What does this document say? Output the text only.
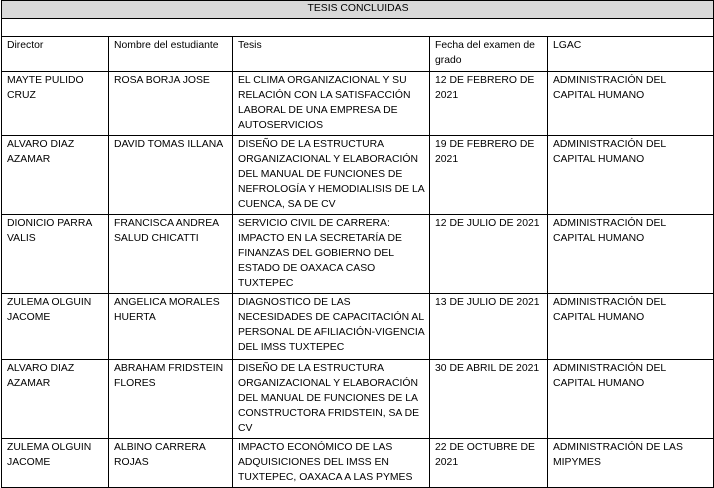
TESIS CONCLUIDAS				

Director	Nombre del estudiante	Tesis	Fecha del examen de grado	LGAC
MAYTE PULIDO CRUZ	ROSA BORJA JOSE	EL CLIMA ORGANIZACIONAL Y SU RELACIÓN CON LA SATISFACCIÓN LABORAL DE UNA EMPRESA DE AUTOSERVICIOS	12 DE FEBRERO DE 2021	ADMINISTRACIÓN DEL CAPITAL HUMANO
ALVARO DIAZ AZAMAR	DAVID TOMAS ILLANA	DISEÑO DE LA ESTRUCTURA ORGANIZACIONAL Y ELABORACIÓN DEL MANUAL DE FUNCIONES DE NEFROLOGÍA Y HEMODIALISIS DE LA CUENCA, SA DE CV	19 DE FEBRERO DE 2021	ADMINISTRACIÓN DEL CAPITAL HUMANO
DIONICIO PARRA VALIS	FRANCISCA ANDREA SALUD CHICATTI	SERVICIO CIVIL DE CARRERA: IMPACTO EN LA SECRETARÍA DE FINANZAS DEL GOBIERNO DEL ESTADO DE OAXACA CASO TUXTEPEC	12 DE JULIO DE 2021	ADMINISTRACIÓN DEL CAPITAL HUMANO
ZULEMA OLGUIN JACOME	ANGELICA MORALES HUERTA	DIAGNOSTICO DE LAS NECESIDADES DE CAPACITACIÓN AL PERSONAL DE AFILIACIÓN-VIGENCIA DEL IMSS TUXTEPEC	13 DE JULIO DE 2021	ADMINISTRACIÓN DEL CAPITAL HUMANO
ALVARO DIAZ AZAMAR	ABRAHAM FRIDSTEIN FLORES	DISEÑO DE LA ESTRUCTURA ORGANIZACIONAL Y ELABORACIÓN DEL MANUAL DE FUNCIONES DE LA CONSTRUCTORA FRIDSTEIN, SA DE CV	30 DE ABRIL DE 2021	ADMINISTRACIÓN DEL CAPITAL HUMANO
ZULEMA OLGUIN JACOME	ALBINO CARRERA ROJAS	IMPACTO ECONÓMICO DE LAS ADQUISICIONES DEL IMSS EN TUXTEPEC, OAXACA A LAS PYMES	22 DE OCTUBRE DE 2021	ADMINISTRACIÓN DE LAS MIPYMES
